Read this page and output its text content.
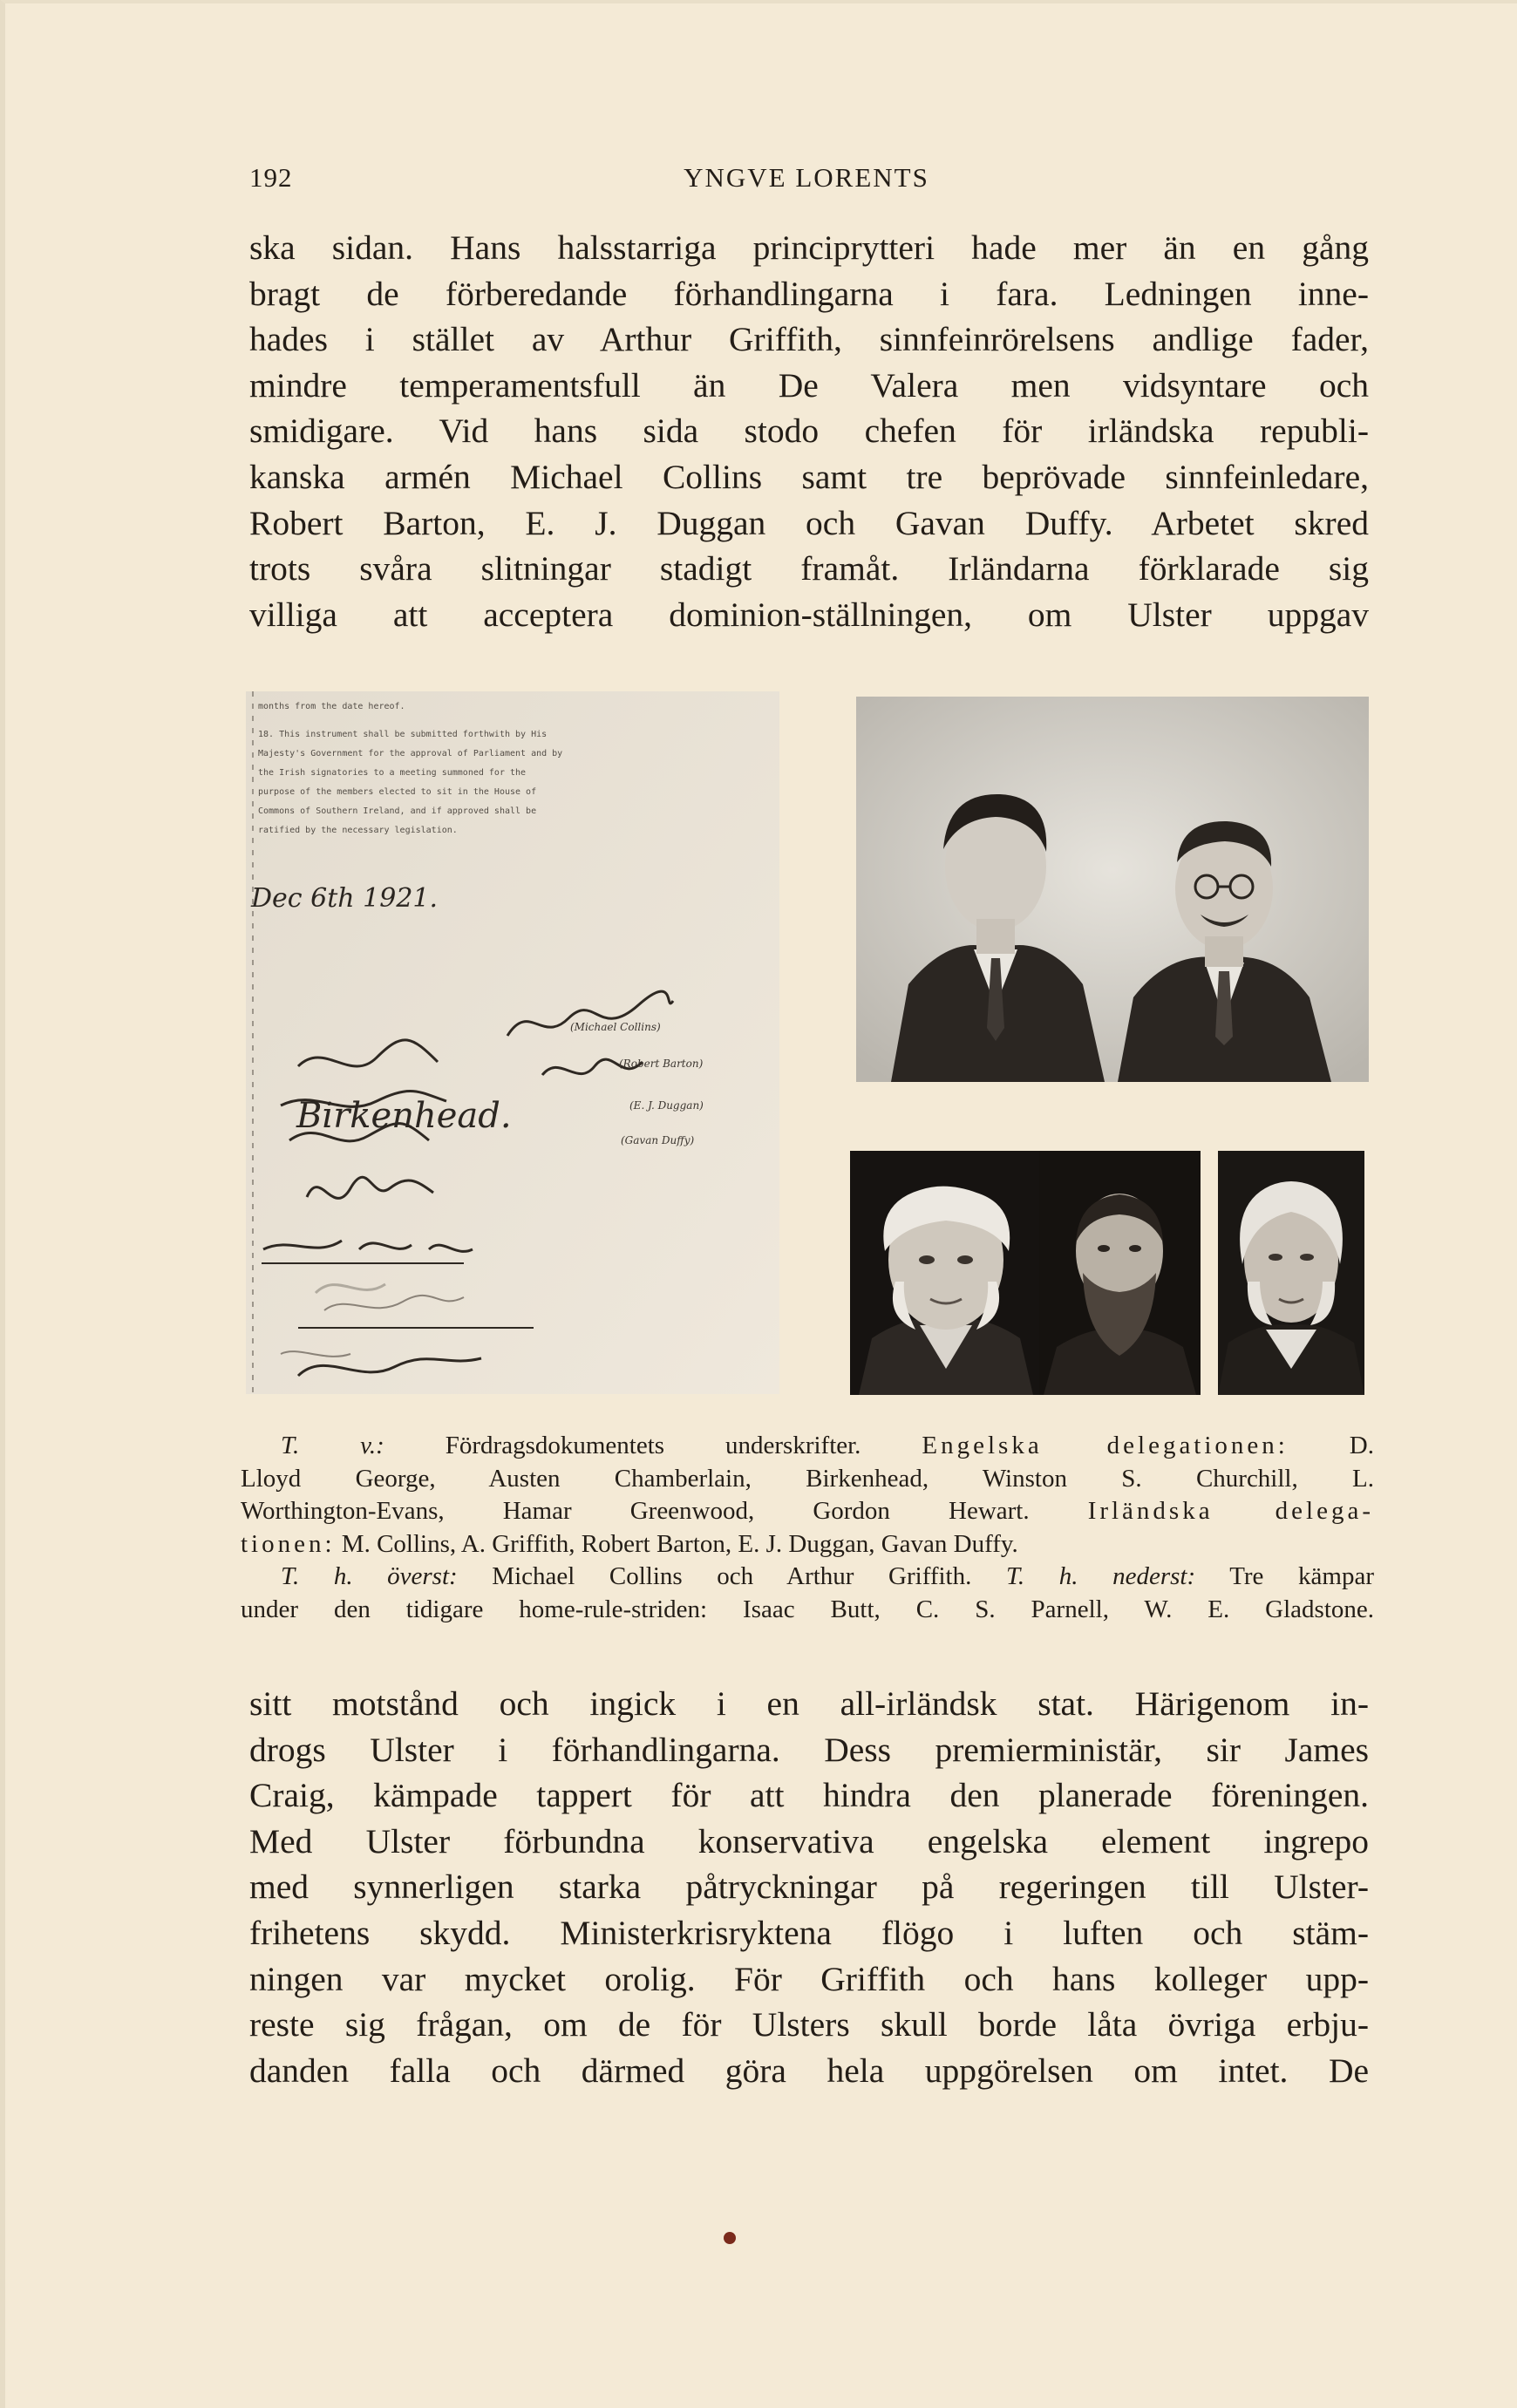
192	YNGVE LORENTS
ska sidan. Hans halsstarriga principrytteri hade mer än en gång
bragt de förberedande förhandlingarna i fara. Ledningen inne-
hades i stället av Arthur Griffith, sinnfeinrörelsens andlige fader,
mindre temperamentsfull än De Valera men vidsyntare och
smidigare. Vid hans sida stodo chefen för irländska republi-
kanska armén Michael Collins samt tre beprövade sinnfeinledare,
Robert Barton, E. J. Duggan och Gavan Duffy. Arbetet skred
trots svåra slitningar stadigt framåt. Irländarna förklarade sig
villiga att acceptera dominion-ställningen, om Ulster uppgav
months from the date hereof.
18. This instrument shall be submitted forthwith by His
Majesty's Government for the approval of Parliament and by
the Irish signatories to a meeting summoned for the
purpose of the members elected to sit in the House of
Commons of Southern Ireland, and if approved shall be
ratified by the necessary legislation.
Dec 6th 1921.
(Michael Collins)
(Robert Barton)
(E. J. Duggan)
(Gavan Duffy)
Birkenhead.
T. v.: Fördragsdokumentets underskrifter. Engelska delegationen: D.
Lloyd George, Austen Chamberlain, Birkenhead, Winston S. Churchill, L.
Worthington-Evans, Hamar Greenwood, Gordon Hewart. Irländska delega-
tionen: M. Collins, A. Griffith, Robert Barton, E. J. Duggan, Gavan Duffy.
T. h. överst: Michael Collins och Arthur Griffith. T. h. nederst: Tre kämpar
under den tidigare home-rule-striden: Isaac Butt, C. S. Parnell, W. E. Gladstone.
sitt motstånd och ingick i en all-irländsk stat. Härigenom in-
drogs Ulster i förhandlingarna. Dess premierministär, sir James
Craig, kämpade tappert för att hindra den planerade föreningen.
Med Ulster förbundna konservativa engelska element ingrepo
med synnerligen starka påtryckningar på regeringen till Ulster-
frihetens skydd. Ministerkrisryktena flögo i luften och stäm-
ningen var mycket orolig. För Griffith och hans kolleger upp-
reste sig frågan, om de för Ulsters skull borde låta övriga erbju-
danden falla och därmed göra hela uppgörelsen om intet. De
